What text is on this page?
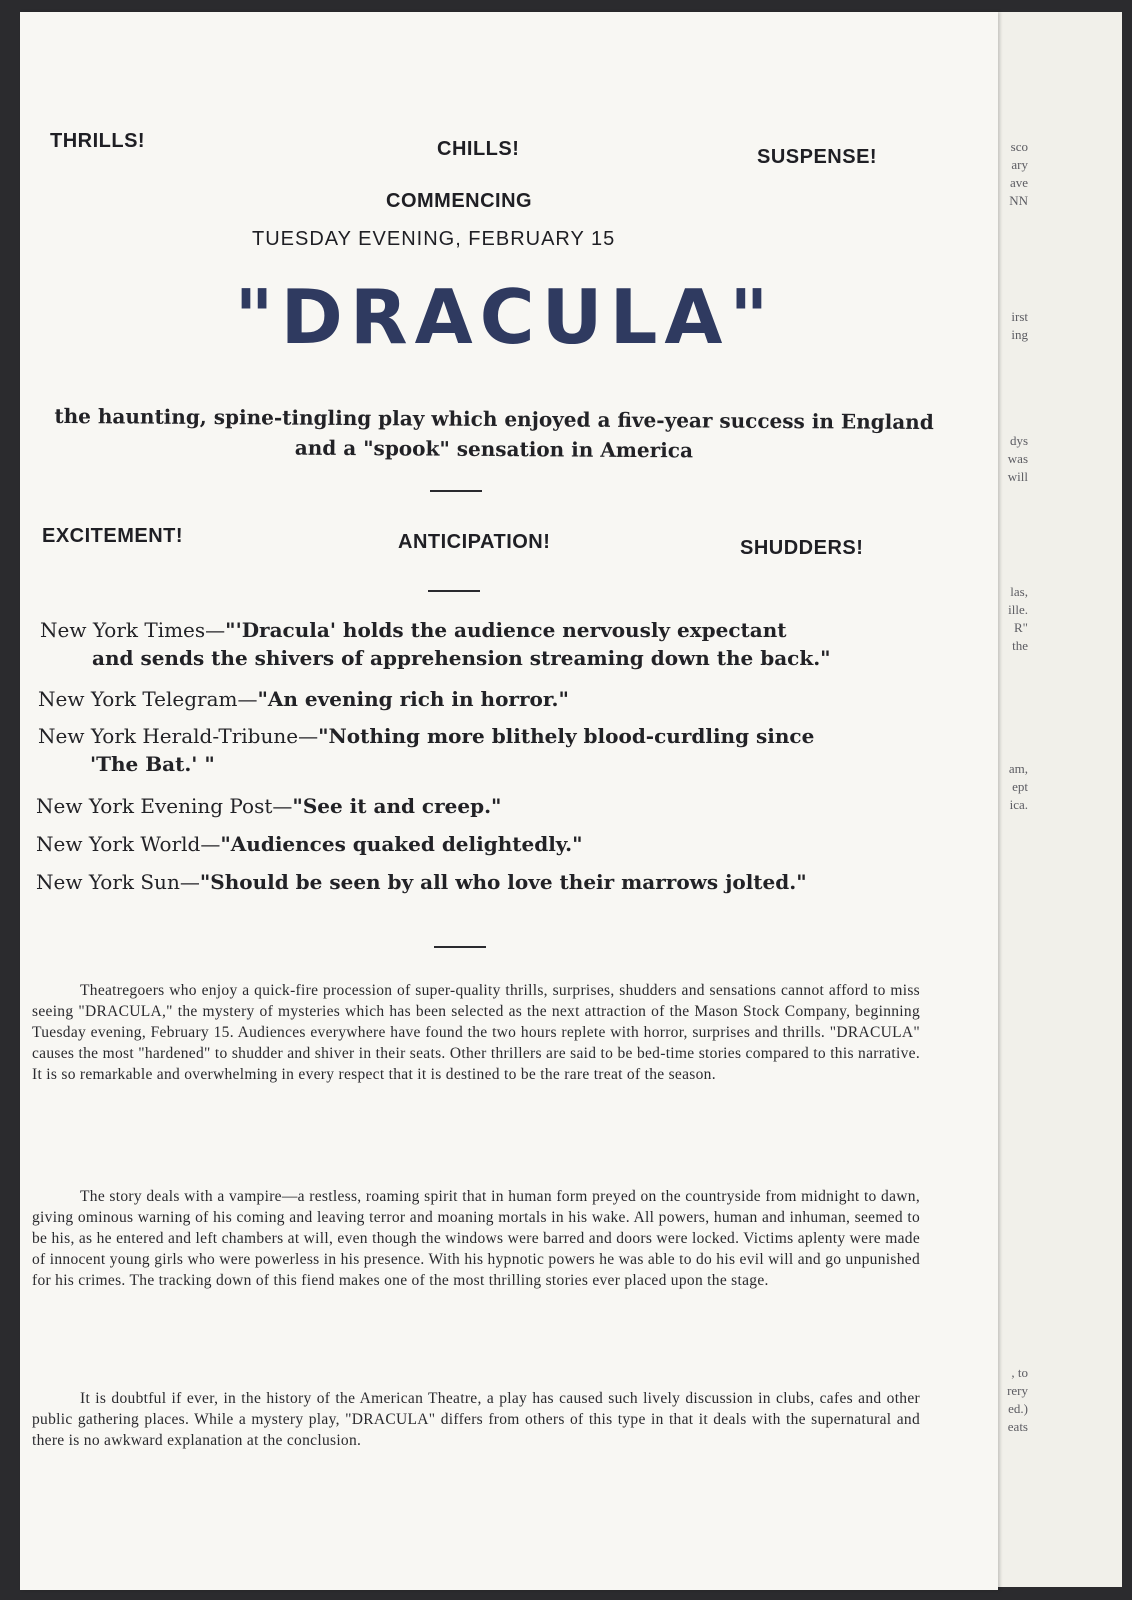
sco
ary
ave
NN
irst
ing
dys
was
will
las,
ille.
R"
the
am,
ept
ica.
, to
rery
ed.)
eats
THRILLS!	CHILLS!	SUSPENSE!
COMMENCING
TUESDAY EVENING, FEBRUARY 15
"DRACULA"
the haunting, spine-tingling play which enjoyed a five-year success in England and a "spook" sensation in America
EXCITEMENT!	ANTICIPATION!	SHUDDERS!
New York Times—"'Dracula' holds the audience nervously expectant
and sends the shivers of apprehension streaming down the back."
New York Telegram—"An evening rich in horror."
New York Herald-Tribune—"Nothing more blithely blood-curdling since
'The Bat.' "
New York Evening Post—"See it and creep."
New York World—"Audiences quaked delightedly."
New York Sun—"Should be seen by all who love their marrows jolted."

Theatregoers who enjoy a quick-fire procession of super-quality thrills, surprises, shudders and sensations cannot afford to miss seeing "DRACULA," the mystery of mysteries which has been selected as the next attraction of the Mason Stock Company, beginning Tuesday evening, February 15. Audiences everywhere have found the two hours replete with horror, surprises and thrills. "DRACULA" causes the most "hardened" to shudder and shiver in their seats. Other thrillers are said to be bed-time stories compared to this narrative. It is so remarkable and overwhelming in every respect that it is destined to be the rare treat of the season.

The story deals with a vampire—a restless, roaming spirit that in human form preyed on the countryside from midnight to dawn, giving ominous warning of his coming and leaving terror and moaning mortals in his wake. All powers, human and inhuman, seemed to be his, as he entered and left chambers at will, even though the windows were barred and doors were locked. Victims aplenty were made of innocent young girls who were powerless in his presence. With his hypnotic powers he was able to do his evil will and go unpunished for his crimes. The tracking down of this fiend makes one of the most thrilling stories ever placed upon the stage.

It is doubtful if ever, in the history of the American Theatre, a play has caused such lively discussion in clubs, cafes and other public gathering places. While a mystery play, "DRACULA" differs from others of this type in that it deals with the supernatural and there is no awkward explanation at the conclusion.
